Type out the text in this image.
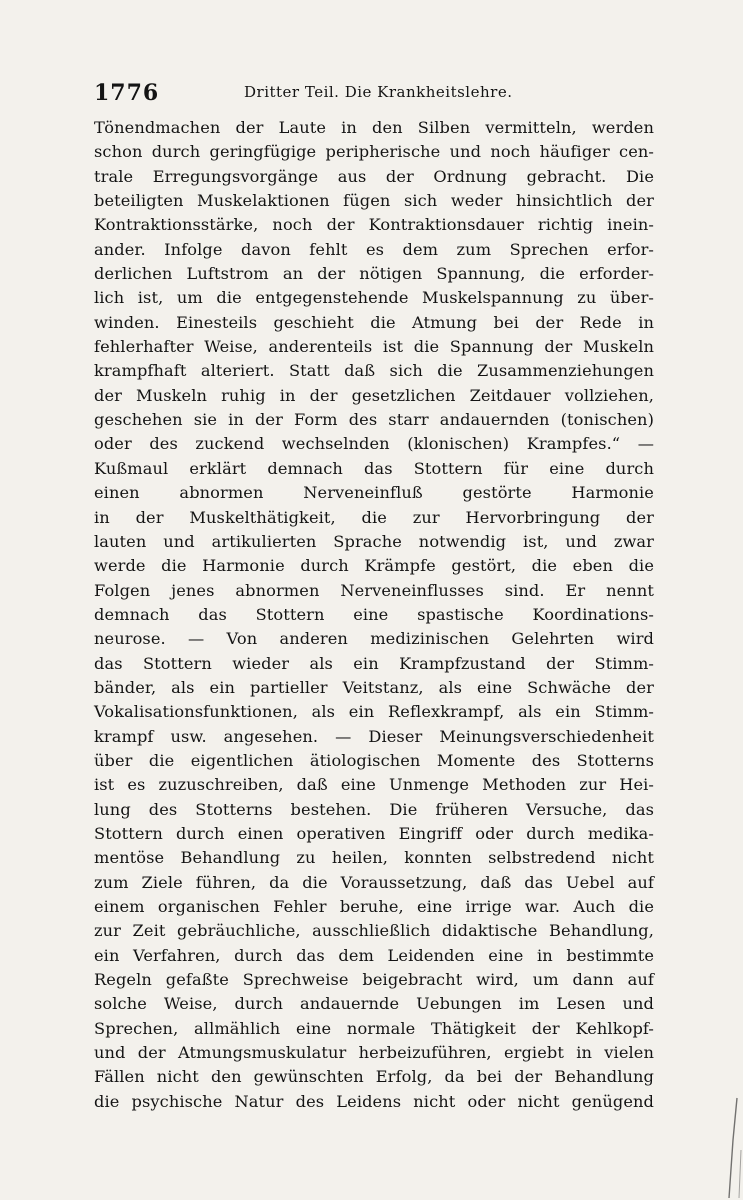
1776	Dritter Teil. Die Krankheitslehre.
Tönendmachen der Laute in den Silben vermitteln, werden
schon durch geringfügige peripherische und noch häufiger cen-
trale Erregungsvorgänge aus der Ordnung gebracht. Die
beteiligten Muskelaktionen fügen sich weder hinsichtlich der
Kontraktionsstärke, noch der Kontraktionsdauer richtig inein-
ander. Infolge davon fehlt es dem zum Sprechen erfor-
derlichen Luftstrom an der nötigen Spannung, die erforder-
lich ist, um die entgegenstehende Muskelspannung zu über-
winden. Einesteils geschieht die Atmung bei der Rede in
fehlerhafter Weise, anderenteils ist die Spannung der Muskeln
krampfhaft alteriert. Statt daß sich die Zusammenziehungen
der Muskeln ruhig in der gesetzlichen Zeitdauer vollziehen,
geschehen sie in der Form des starr andauernden (tonischen)
oder des zuckend wechselnden (klonischen) Krampfes.“ —
Kußmaul erklärt demnach das Stottern für eine durch
einen abnormen Nerveneinfluß gestörte Harmonie
in der Muskelthätigkeit, die zur Hervorbringung der
lauten und artikulierten Sprache notwendig ist, und zwar
werde die Harmonie durch Krämpfe gestört, die eben die
Folgen jenes abnormen Nerveneinflusses sind. Er nennt
demnach das Stottern eine spastische Koordinations-
neurose. — Von anderen medizinischen Gelehrten wird
das Stottern wieder als ein Krampfzustand der Stimm-
bänder, als ein partieller Veitstanz, als eine Schwäche der
Vokalisationsfunktionen, als ein Reflexkrampf, als ein Stimm-
krampf usw. angesehen. — Dieser Meinungsverschiedenheit
über die eigentlichen ätiologischen Momente des Stotterns
ist es zuzuschreiben, daß eine Unmenge Methoden zur Hei-
lung des Stotterns bestehen. Die früheren Versuche, das
Stottern durch einen operativen Eingriff oder durch medika-
mentöse Behandlung zu heilen, konnten selbstredend nicht
zum Ziele führen, da die Voraussetzung, daß das Uebel auf
einem organischen Fehler beruhe, eine irrige war. Auch die
zur Zeit gebräuchliche, ausschließlich didaktische Behandlung,
ein Verfahren, durch das dem Leidenden eine in bestimmte
Regeln gefaßte Sprechweise beigebracht wird, um dann auf
solche Weise, durch andauernde Uebungen im Lesen und
Sprechen, allmählich eine normale Thätigkeit der Kehlkopf-
und der Atmungsmuskulatur herbeizuführen, ergiebt in vielen
Fällen nicht den gewünschten Erfolg, da bei der Behandlung
die psychische Natur des Leidens nicht oder nicht genügend
